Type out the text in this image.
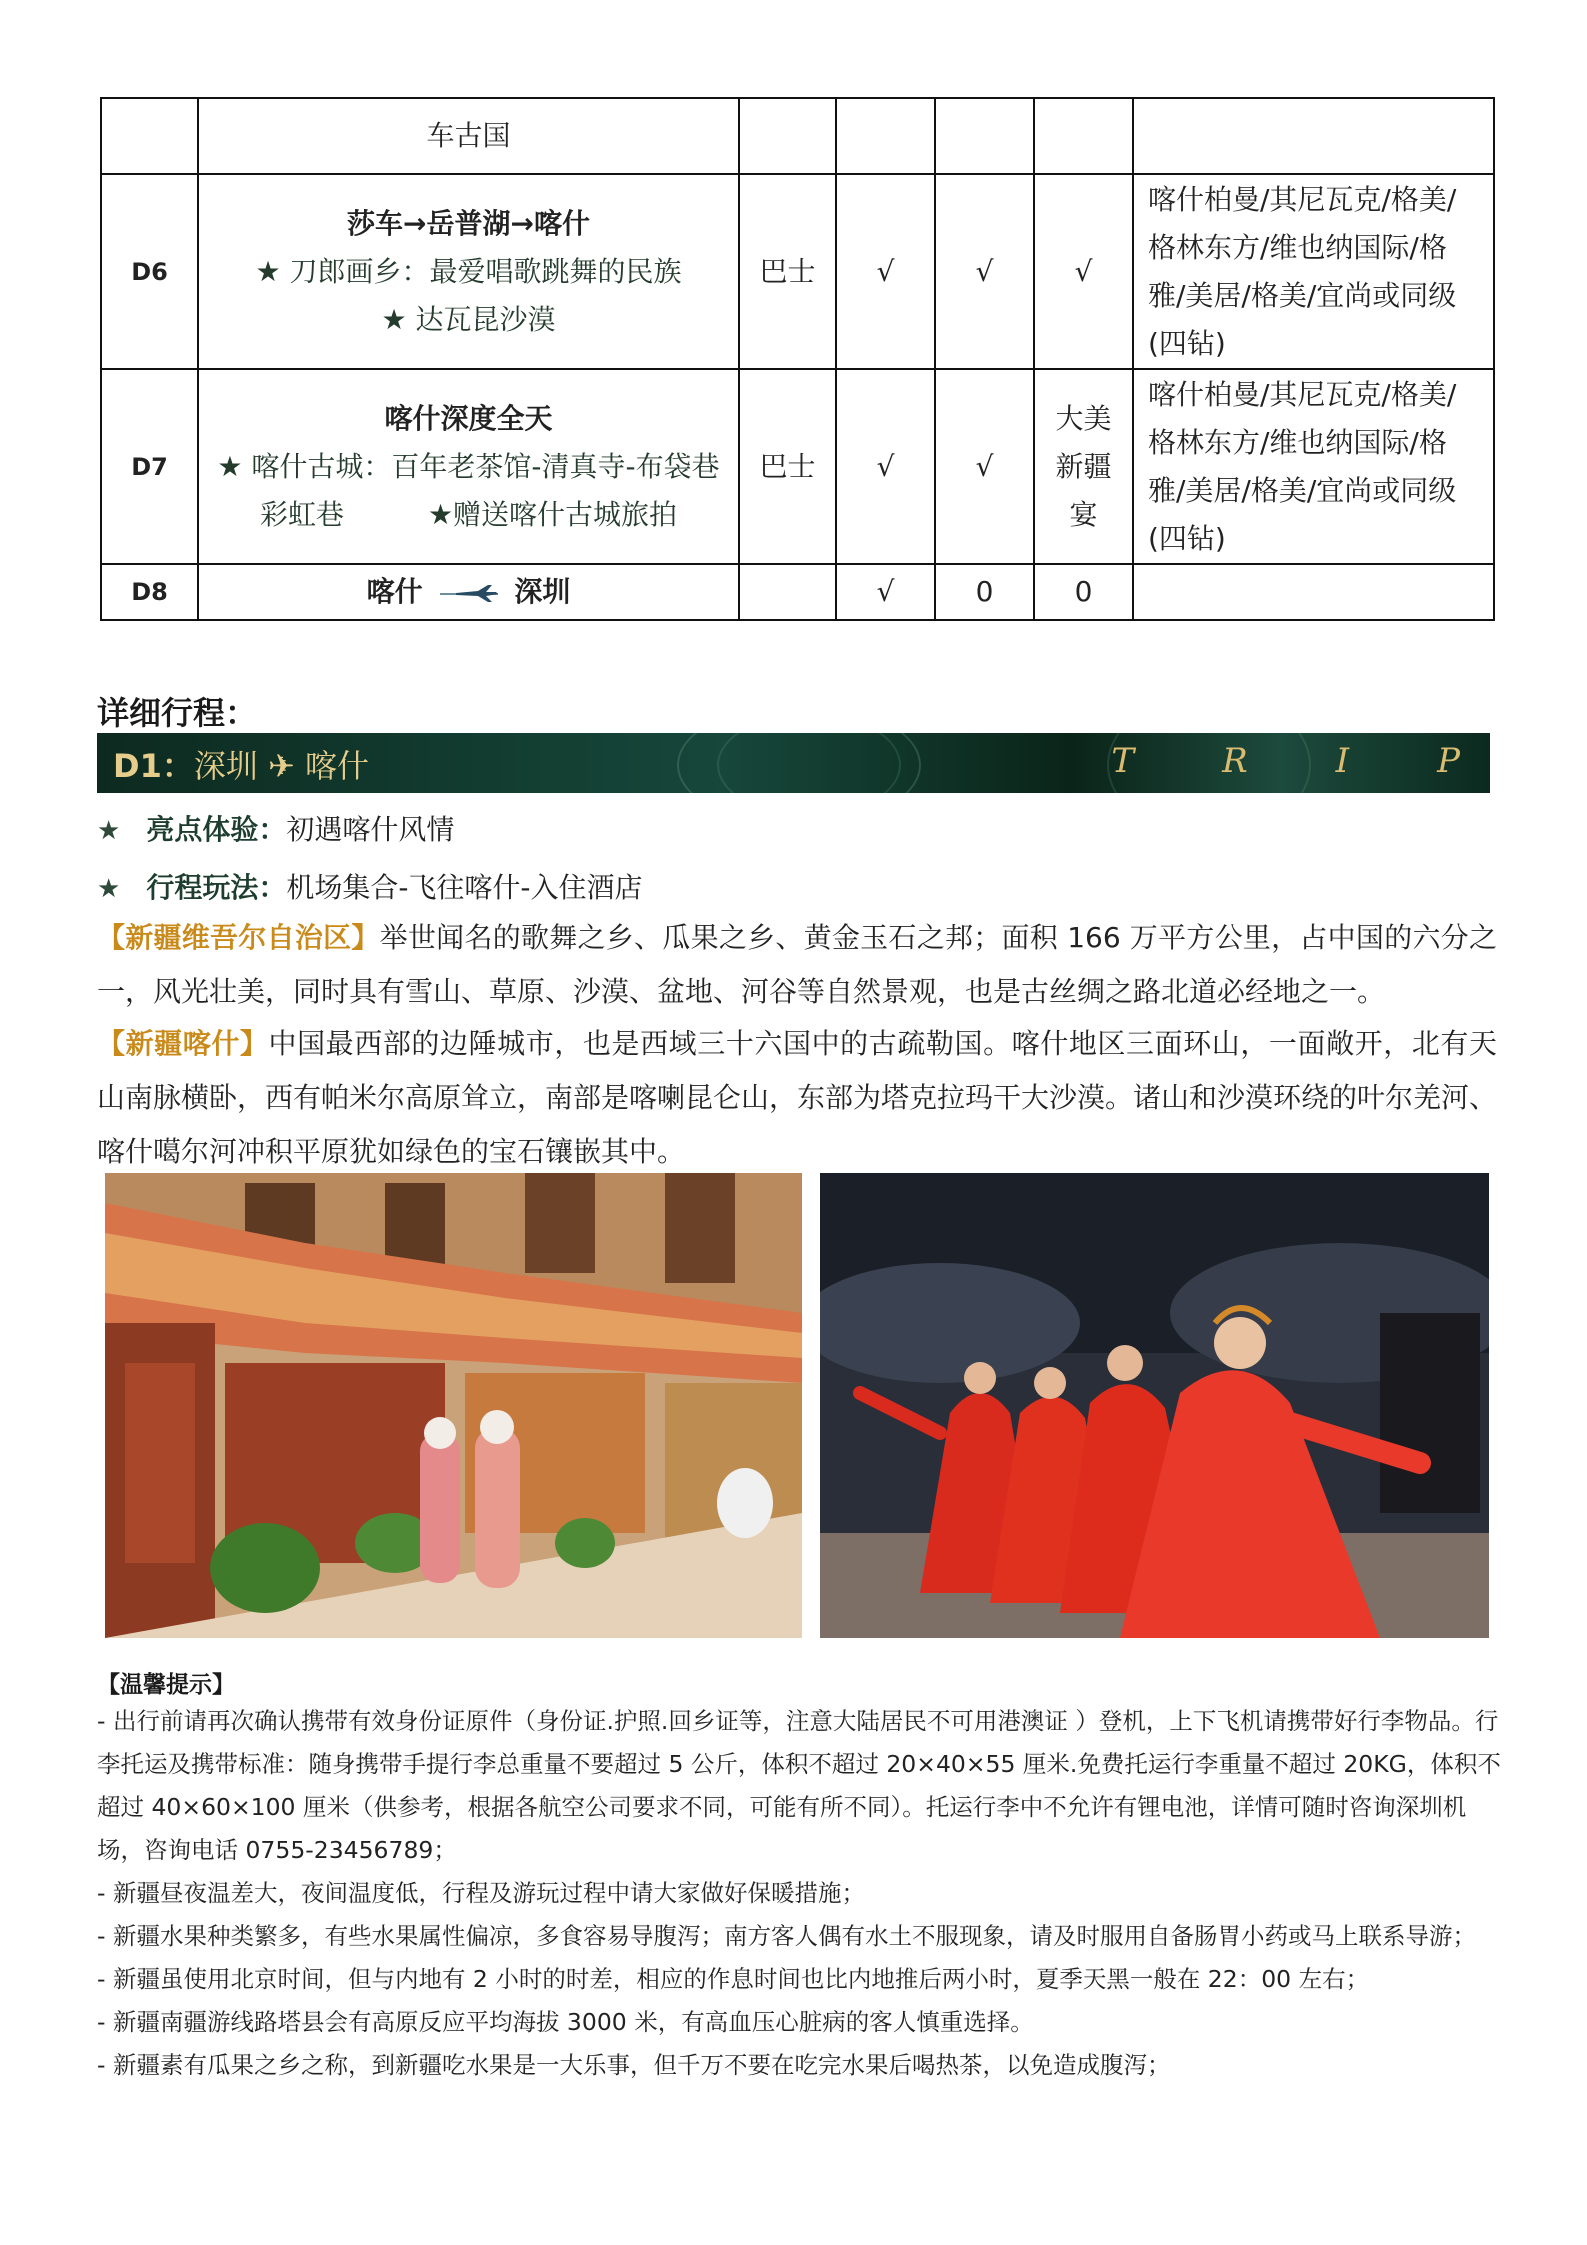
	车古国					

D6	莎车→岳普湖→喀什
★ 刀郎画乡：最爱唱歌跳舞的民族
★ 达瓦昆沙漠	巴士	√	√	√	喀什柏曼/其尼瓦克/格美/格林东方/维也纳国际/格雅/美居/格美/宜尚或同级(四钻)
D7	喀什深度全天
★ 喀什古城：百年老茶馆-清真寺-布袋巷
彩虹巷　　　★赠送喀什古城旅拍	巴士	√	√	大美新疆宴	喀什柏曼/其尼瓦克/格美/格林东方/维也纳国际/格雅/美居/格美/宜尚或同级(四钻)
D8	喀什 深圳		√	0	0	
详细行程：
D1：深圳 ✈ 喀什	T	R	I	P
★ 亮点体验：初遇喀什风情
★ 行程玩法：机场集合-飞往喀什-入住酒店
【新疆维吾尔自治区】举世闻名的歌舞之乡、瓜果之乡、黄金玉石之邦；面积 166 万平方公里，占中国的六分之一，风光壮美，同时具有雪山、草原、沙漠、盆地、河谷等自然景观，也是古丝绸之路北道必经地之一。
【新疆喀什】中国最西部的边陲城市，也是西域三十六国中的古疏勒国。喀什地区三面环山，一面敞开，北有天山南脉横卧，西有帕米尔高原耸立，南部是喀喇昆仑山，东部为塔克拉玛干大沙漠。诸山和沙漠环绕的叶尔羌河、喀什噶尔河冲积平原犹如绿色的宝石镶嵌其中。
【温馨提示】

- 出行前请再次确认携带有效身份证原件（身份证.护照.回乡证等，注意大陆居民不可用港澳证 ）登机，上下飞机请携带好行李物品。行李托运及携带标准：随身携带手提行李总重量不要超过 5 公斤，体积不超过 20×40×55 厘米.免费托运行李重量不超过 20KG，体积不超过 40×60×100 厘米（供参考，根据各航空公司要求不同，可能有所不同）。托运行李中不允许有锂电池，详情可随时咨询深圳机场，咨询电话 0755-23456789；

- 新疆昼夜温差大，夜间温度低，行程及游玩过程中请大家做好保暖措施；

- 新疆水果种类繁多，有些水果属性偏凉，多食容易导腹泻；南方客人偶有水土不服现象，请及时服用自备肠胃小药或马上联系导游；

- 新疆虽使用北京时间，但与内地有 2 小时的时差，相应的作息时间也比内地推后两小时，夏季天黑一般在 22：00 左右；

- 新疆南疆游线路塔县会有高原反应平均海拔 3000 米，有高血压心脏病的客人慎重选择。

- 新疆素有瓜果之乡之称，到新疆吃水果是一大乐事，但千万不要在吃完水果后喝热茶，以免造成腹泻；
